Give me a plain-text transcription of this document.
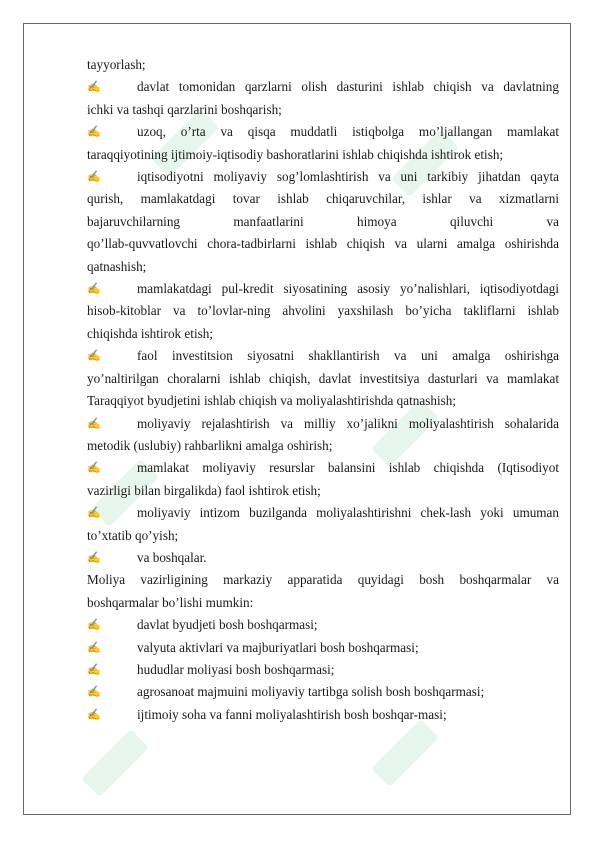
tayyorlash;
✍	davlat tomonidan qarzlarni olish dasturini ishlab chiqish va davlatning
ichki va tashqi qarzlarini boshqarish;
✍	uzoq, o’rta va qisqa muddatli istiqbolga mo’ljallangan mamlakat
taraqqiyotining ijtimoiy-iqtisodiy bashoratlarini ishlab chiqishda ishtirok etish;
✍	iqtisodiyotni moliyaviy sog’lomlashtirish va uni tarkibiy jihatdan qayta
qurish, mamlakatdagi tovar ishlab chiqaruvchilar, ishlar va xizmatlarni
bajaruvchilarning manfaatlarini himoya qiluvchi va
qo’llab-quvvatlovchi chora-tadbirlarni ishlab chiqish va ularni amalga oshirishda
qatnashish;
✍	mamlakatdagi pul-kredit siyosatining asosiy yo’nalishlari, iqtisodiyotdagi
hisob-kitoblar va to’lovlar-ning ahvolini yaxshilash bo’yicha takliflarni ishlab
chiqishda ishtirok etish;
✍	faol investitsion siyosatni shakllantirish va uni amalga oshirishga
yo’naltirilgan choralarni ishlab chiqish, davlat investitsiya dasturlari va mamlakat
Taraqqiyot byudjetini ishlab chiqish va moliyalashtirishda qatnashish;
✍	moliyaviy rejalashtirish va milliy xo’jalikni moliyalashtirish sohalarida
metodik (uslubiy) rahbarlikni amalga oshirish;
✍	mamlakat moliyaviy resurslar balansini ishlab chiqishda (Iqtisodiyot
vazirligi bilan birgalikda) faol ishtirok etish;
✍	moliyaviy intizom buzilganda moliyalashtirishni chek-lash yoki umuman
to’xtatib qo’yish;
✍	va boshqalar.
Moliya vazirligining markaziy apparatida quyidagi bosh boshqarmalar va
boshqarmalar bo’lishi mumkin:
✍	davlat byudjeti bosh boshqarmasi;
✍	valyuta aktivlari va majburiyatlari bosh boshqarmasi;
✍	hududlar moliyasi bosh boshqarmasi;
✍	agrosanoat majmuini moliyaviy tartibga solish bosh boshqarmasi;
✍	ijtimoiy soha va fanni moliyalashtirish bosh boshqar-masi;
